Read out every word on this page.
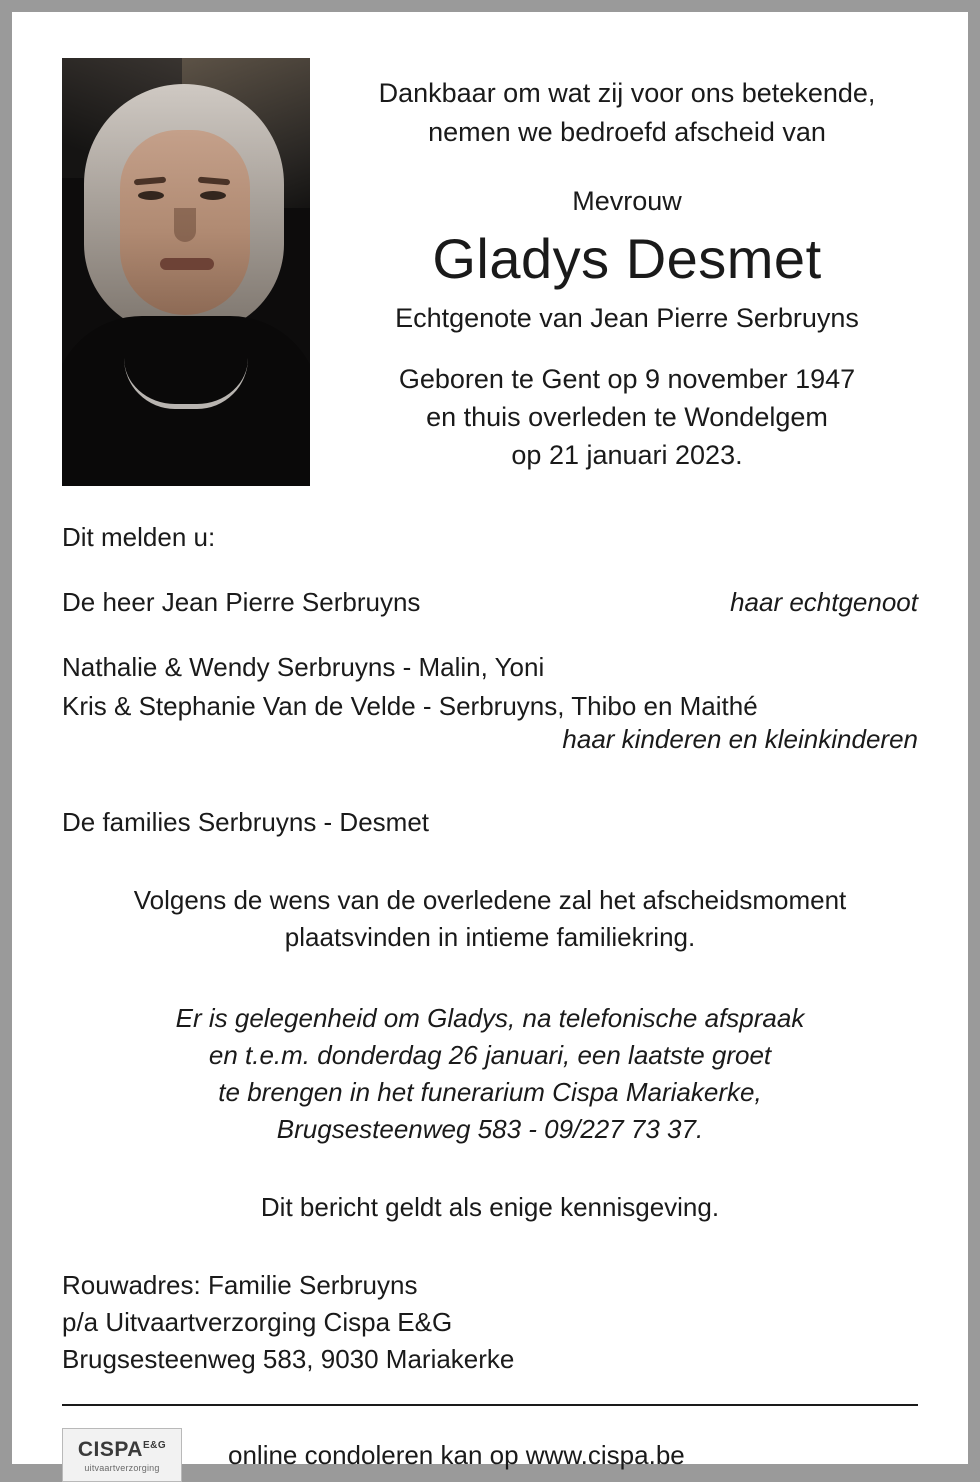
Dankbaar om wat zij voor ons betekende,
nemen we bedroefd afscheid van
Mevrouw
Gladys Desmet
Echtgenote van Jean Pierre Serbruyns
Geboren te Gent op 9 november 1947
en thuis overleden te Wondelgem
op 21 januari 2023.

Dit melden u:

De heer Jean Pierre Serbruyns	haar echtgenoot

Nathalie & Wendy Serbruyns - Malin, Yoni

Kris & Stephanie Van de Velde - Serbruyns, Thibo en Maithé

haar kinderen en kleinkinderen

De families Serbruyns - Desmet

Volgens de wens van de overledene zal het afscheidsmoment

plaatsvinden in intieme familiekring.

Er is gelegenheid om Gladys, na telefonische afspraak

en t.e.m. donderdag 26 januari, een laatste groet

te brengen in het funerarium Cispa Mariakerke,

Brugsesteenweg 583 - 09/227 73 37.

Dit bericht geldt als enige kennisgeving.

Rouwadres: Familie Serbruyns

p/a Uitvaartverzorging Cispa E&G

Brugsesteenweg 583, 9030 Mariakerke

$CISPA^{E\&G}$
uitvaartverzorging	online condoleren kan op www.cispa.be
